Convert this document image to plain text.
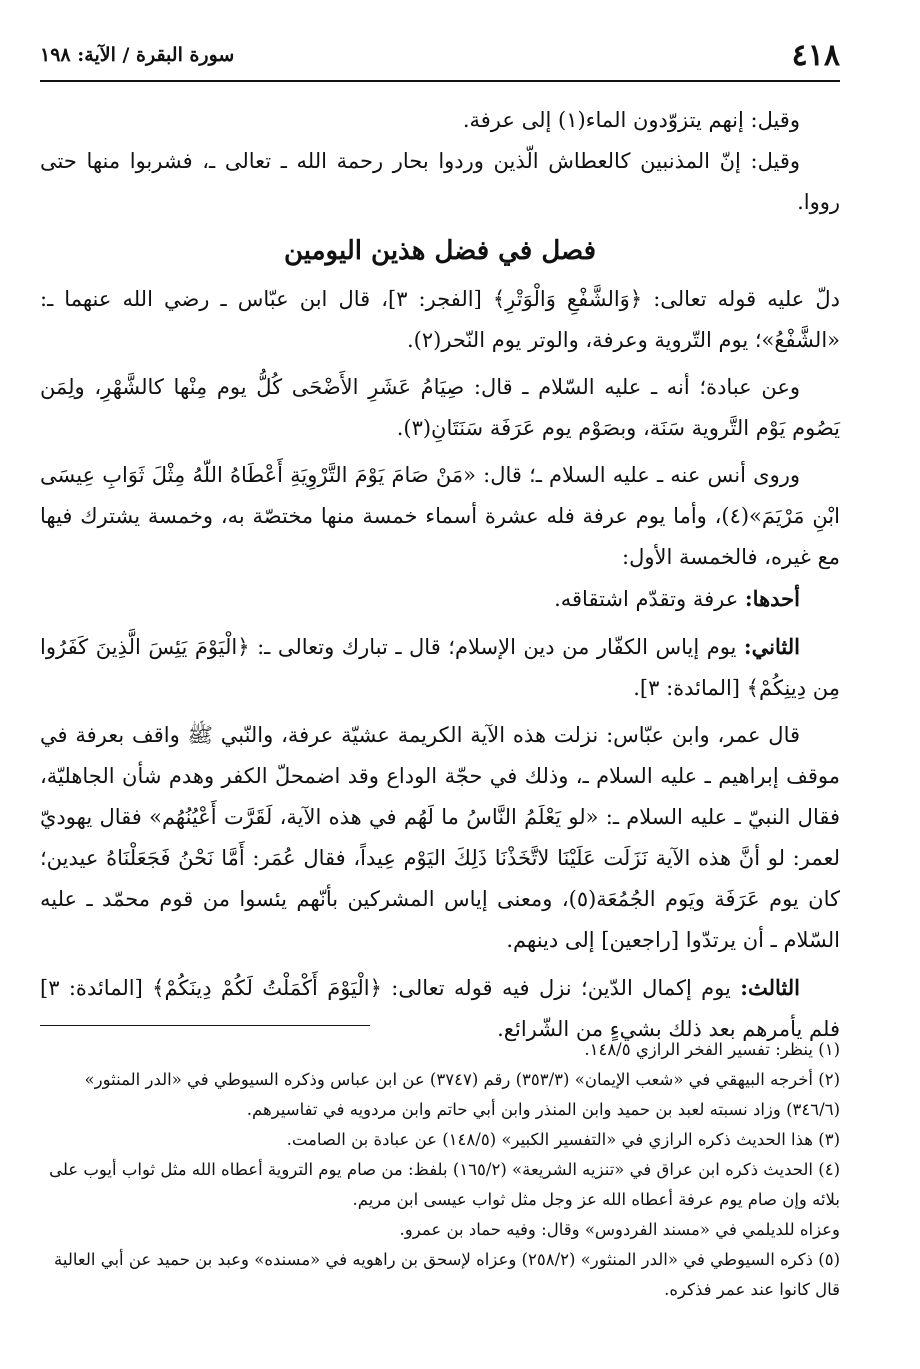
٤١٨
سورة البقرة / الآية: ١٩٨

وقيل: إنهم يتزوّدون الماء(١) إلى عرفة.

وقيل: إنّ المذنبين كالعطاش الّذين وردوا بحار رحمة الله ـ تعالى ـ، فشربوا منها حتى رووا.

فصل في فضل هذين اليومين

دلّ عليه قوله تعالى: ﴿وَالشَّفْعِ وَالْوَتْرِ﴾ [الفجر: ٣]، قال ابن عبّاس ـ رضي الله عنهما ـ: «الشَّفْعُ»؛ يوم التّروية وعرفة، والوتر يوم النّحر(٢).

وعن عبادة؛ أنه ـ عليه السّلام ـ قال: صِيَامُ عَشَرِ الأَضْحَى كُلُّ يوم مِنْها كالشَّهْرِ، ولِمَن يَصُوم يَوْم التَّروية سَنَة، وبصَوْم يوم عَرَفَة سَنَتَانِ(٣).

وروى أنس عنه ـ عليه السلام ـ؛ قال: «مَنْ صَامَ يَوْمَ التَّرْوِيَةِ أَعْطَاهُ اللّهُ مِثْلَ ثَوَابِ عِيسَى ابْنِ مَرْيَمَ»(٤)، وأما يوم عرفة فله عشرة أسماء خمسة منها مختصّة به، وخمسة يشترك فيها مع غيره، فالخمسة الأول:

أحدها: عرفة وتقدّم اشتقاقه.

الثاني: يوم إياس الكفّار من دين الإسلام؛ قال ـ تبارك وتعالى ـ: ﴿الْيَوْمَ يَئِسَ الَّذِينَ كَفَرُوا مِن دِينِكُمْ﴾ [المائدة: ٣].

قال عمر، وابن عبّاس: نزلت هذه الآية الكريمة عشيّة عرفة، والنّبي ﷺ واقف بعرفة في موقف إبراهيم ـ عليه السلام ـ، وذلك في حجّة الوداع وقد اضمحلّ الكفر وهدم شأن الجاهليّة، فقال النبيّ ـ عليه السلام ـ: «لو يَعْلَمُ النَّاسُ ما لَهُم في هذه الآية، لَقَرَّت أَعْيُنُهُم» فقال يهوديّ لعمر: لو أنَّ هذه الآية نَزَلَت عَلَيْنَا لاتَّخَذْنَا ذَلِكَ اليَوْم عِيداً، فقال عُمَر: أَمَّا نَحْنُ فَجَعَلْنَاهُ عيدين؛ كان يوم عَرَفَة ويَوم الجُمُعَة(٥)، ومعنى إياس المشركين بأنّهم يئسوا من قوم محمّد ـ عليه السّلام ـ أن يرتدّوا [راجعين] إلى دينهم.

الثالث: يوم إكمال الدّين؛ نزل فيه قوله تعالى: ﴿الْيَوْمَ أَكْمَلْتُ لَكُمْ دِينَكُمْ﴾ [المائدة: ٣] فلم يأمرهم بعد ذلك بشيءٍ من الشّرائع.

(١) ينظر: تفسير الفخر الرازي ١٤٨/٥.

(٢) أخرجه البيهقي في «شعب الإيمان» (٣٥٣/٣) رقم (٣٧٤٧) عن ابن عباس وذكره السيوطي في «الدر المنثور» (٣٤٦/٦) وزاد نسبته لعبد بن حميد وابن المنذر وابن أبي حاتم وابن مردويه في تفاسيرهم.

(٣) هذا الحديث ذكره الرازي في «التفسير الكبير» (١٤٨/٥) عن عبادة بن الصامت.

(٤) الحديث ذكره ابن عراق في «تنزيه الشريعة» (١٦٥/٢) بلفظ: من صام يوم التروية أعطاه الله مثل ثواب أيوب على بلائه وإن صام يوم عرفة أعطاه الله عز وجل مثل ثواب عيسى ابن مريم.

وعزاه للديلمي في «مسند الفردوس» وقال: وفيه حماد بن عمرو.

(٥) ذكره السيوطي في «الدر المنثور» (٢٥٨/٢) وعزاه لإسحق بن راهويه في «مسنده» وعبد بن حميد عن أبي العالية قال كانوا عند عمر فذكره.
